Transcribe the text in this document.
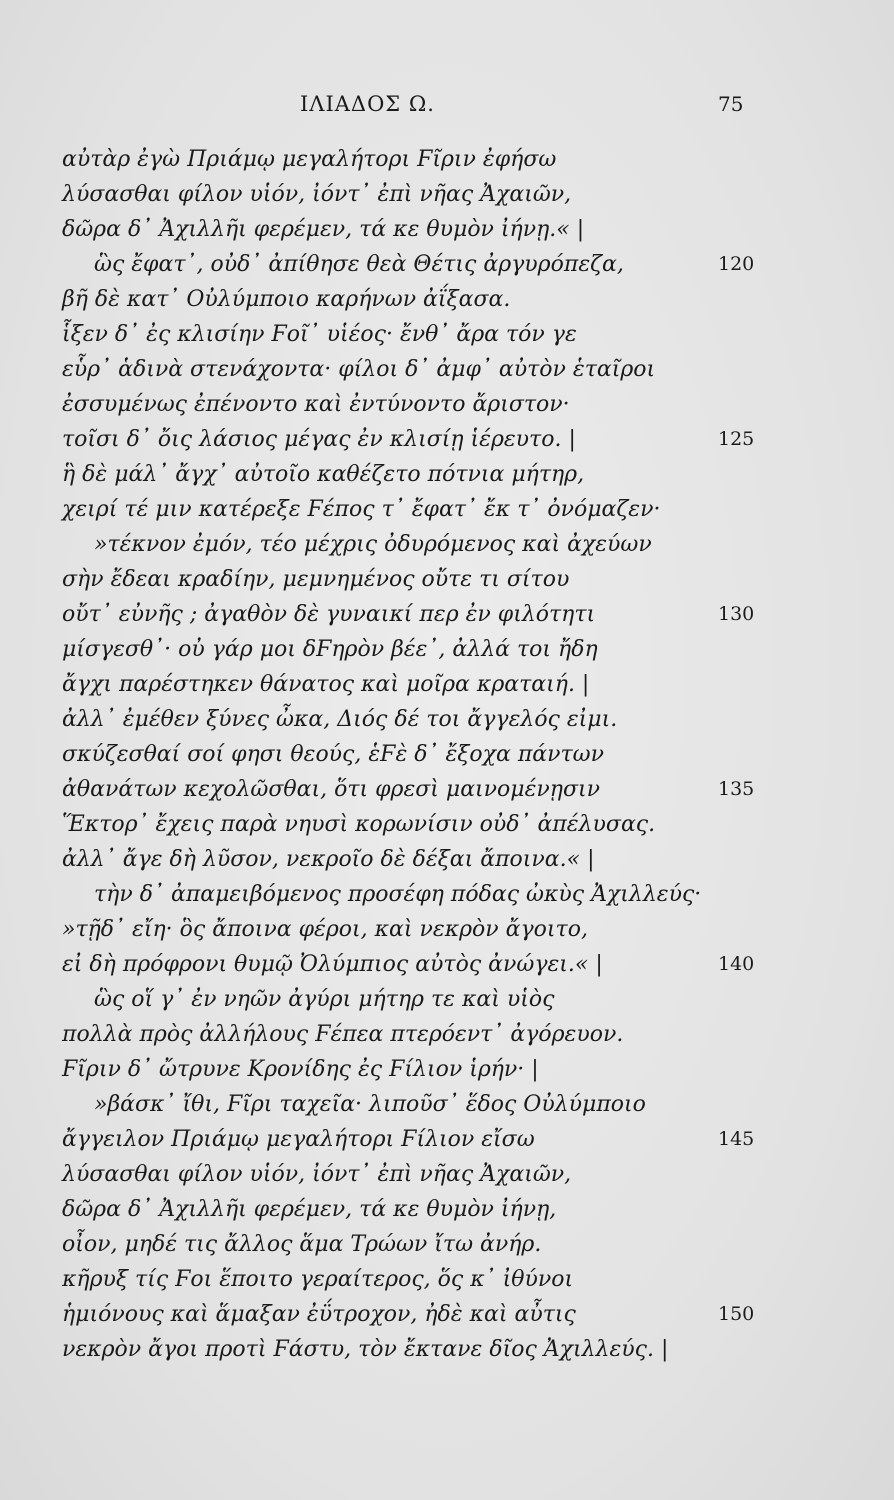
ΙΛΙΑΔΟΣ Ω.	75
αὐτὰρ ἐγὼ Πριάμῳ μεγαλήτορι Ϝῖριν ἐφήσω
λύσασθαι φίλον υἱόν, ἰόντ᾽ ἐπὶ νῆας Ἀχαιῶν,
δῶρα δ᾽ Ἀχιλλῆι φερέμεν, τά κε θυμὸν ἰήνῃ.« |
ὣς ἔφατ᾽, οὐδ᾽ ἀπίθησε θεὰ Θέτις ἀργυρόπεζα,	120
βῆ δὲ κατ᾽ Οὐλύμποιο καρήνων ἀΐξασα.
ἷξεν δ᾽ ἐς κλισίην Ϝοῖ᾽ υἱέος· ἔνθ᾽ ἄρα τόν γε
εὗρ᾽ ἁδινὰ στενάχοντα· φίλοι δ᾽ ἀμφ᾽ αὐτὸν ἑταῖροι
ἐσσυμένως ἐπένοντο καὶ ἐντύνοντο ἄριστον·
τοῖσι δ᾽ ὄις λάσιος μέγας ἐν κλισίῃ ἱέρευτο. |	125
ἣ δὲ μάλ᾽ ἄγχ᾽ αὐτοῖο καθέζετο πότνια μήτηρ,
χειρί τέ μιν κατέρεξε Ϝέπος τ᾽ ἔφατ᾽ ἔκ τ᾽ ὀνόμαζεν·
»τέκνον ἐμόν, τέο μέχρις ὀδυρόμενος καὶ ἀχεύων
σὴν ἔδεαι κραδίην, μεμνημένος οὔτε τι σίτου
οὔτ᾽ εὐνῆς ; ἀγαθὸν δὲ γυναικί περ ἐν φιλότητι	130
μίσγεσθ᾽· οὐ γάρ μοι δϜηρὸν βέε᾽, ἀλλά τοι ἤδη
ἄγχι παρέστηκεν θάνατος καὶ μοῖρα κραταιή. |
ἀλλ᾽ ἐμέθεν ξύνες ὦκα, Διός δέ τοι ἄγγελός εἰμι.
σκύζεσθαί σοί φησι θεούς, ἑϜὲ δ᾽ ἔξοχα πάντων
ἀθανάτων κεχολῶσθαι, ὅτι φρεσὶ μαινομένῃσιν	135
Ἕκτορ᾽ ἔχεις παρὰ νηυσὶ κορωνίσιν οὐδ᾽ ἀπέλυσας.
ἀλλ᾽ ἄγε δὴ λῦσον, νεκροῖο δὲ δέξαι ἄποινα.« |
τὴν δ᾽ ἀπαμειβόμενος προσέφη πόδας ὠκὺς Ἀχιλλεύς·
»τῇδ᾽ εἴη· ὃς ἄποινα φέροι, καὶ νεκρὸν ἄγοιτο,
εἰ δὴ πρόφρονι θυμῷ Ὀλύμπιος αὐτὸς ἀνώγει.« |	140
ὣς οἵ γ᾽ ἐν νηῶν ἀγύρι μήτηρ τε καὶ υἱὸς
πολλὰ πρὸς ἀλλήλους Ϝέπεα πτερόεντ᾽ ἀγόρευον.
Ϝῖριν δ᾽ ὤτρυνε Κρονίδης ἐς Ϝίλιον ἱρήν· |
»βάσκ᾽ ἴθι, Ϝῖρι ταχεῖα· λιποῦσ᾽ ἕδος Οὐλύμποιο
ἄγγειλον Πριάμῳ μεγαλήτορι Ϝίλιον εἴσω	145
λύσασθαι φίλον υἱόν, ἰόντ᾽ ἐπὶ νῆας Ἀχαιῶν,
δῶρα δ᾽ Ἀχιλλῆι φερέμεν, τά κε θυμὸν ἰήνῃ,
οἶον, μηδέ τις ἄλλος ἅμα Τρώων ἴτω ἀνήρ.
κῆρυξ τίς Ϝοι ἕποιτο γεραίτερος, ὅς κ᾽ ἰθύνοι
ἡμιόνους καὶ ἅμαξαν ἐΰτροχον, ἠδὲ καὶ αὖτις	150
νεκρὸν ἄγοι προτὶ Ϝάστυ, τὸν ἔκτανε δῖος Ἀχιλλεύς. |
